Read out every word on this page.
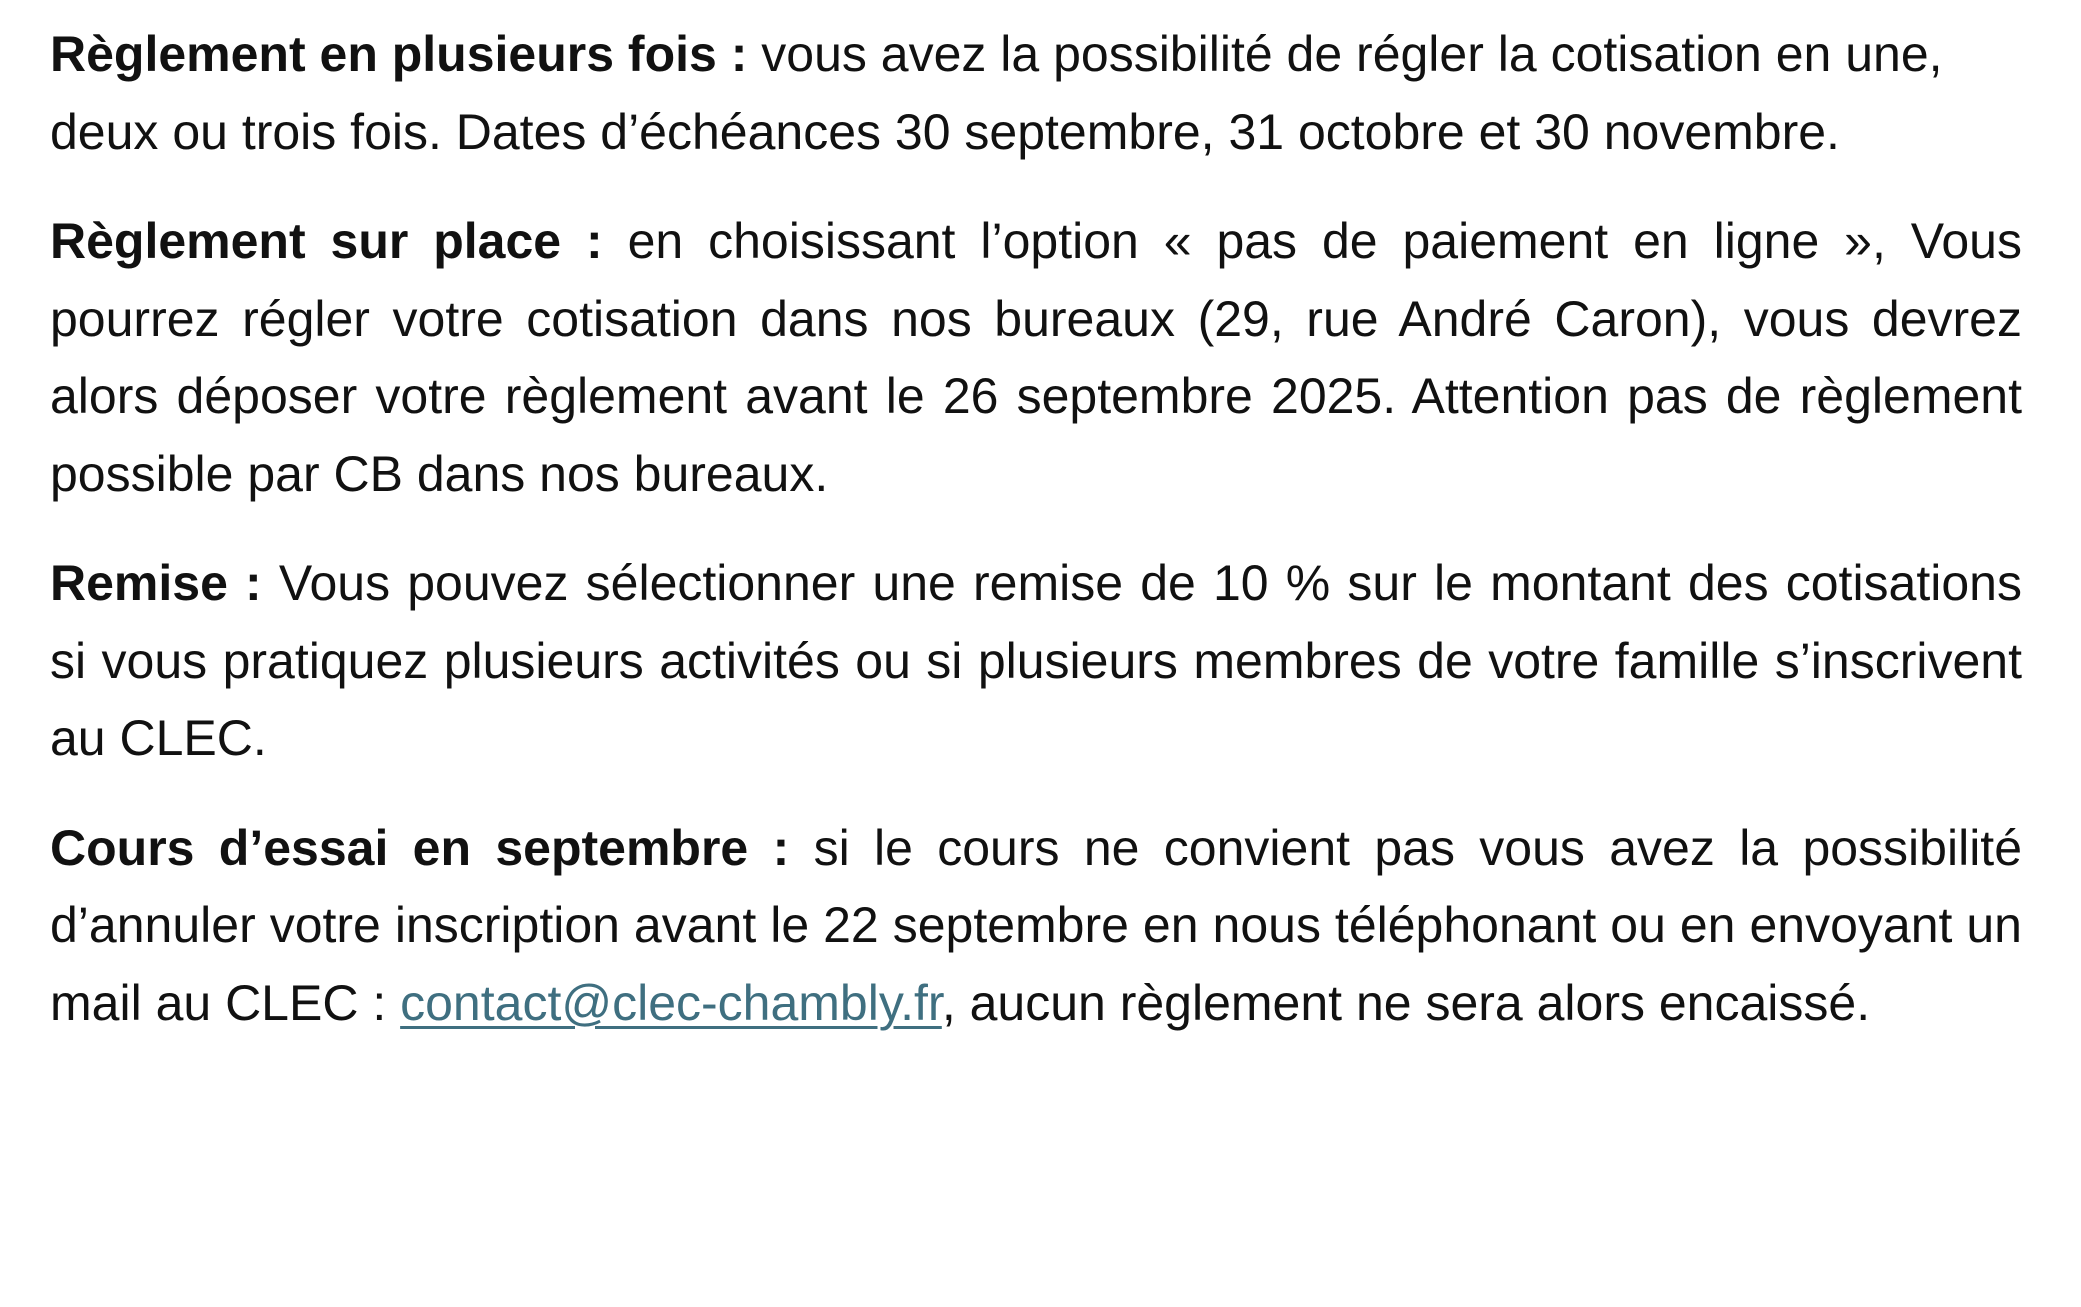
Règlement en plusieurs fois : vous avez la possibilité de régler la cotisation en une, deux ou trois fois. Dates d’échéances 30 septembre, 31 octobre et 30 novembre.

Règlement sur place : en choisissant l’option « pas de paiement en ligne », Vous pourrez régler votre cotisation dans nos bureaux (29, rue André Caron), vous devrez alors déposer votre règlement avant le 26 septembre 2025. Attention pas de règlement possible par CB dans nos bureaux.

Remise : Vous pouvez sélectionner une remise de 10 % sur le montant des cotisations si vous pratiquez plusieurs activités ou si plusieurs membres de votre famille s’inscrivent au CLEC.

Cours d’essai en septembre : si le cours ne convient pas vous avez la possibilité d’annuler votre inscription avant le 22 septembre en nous téléphonant ou en envoyant un mail au CLEC : contact@clec-chambly.fr, aucun règlement ne sera alors encaissé.
